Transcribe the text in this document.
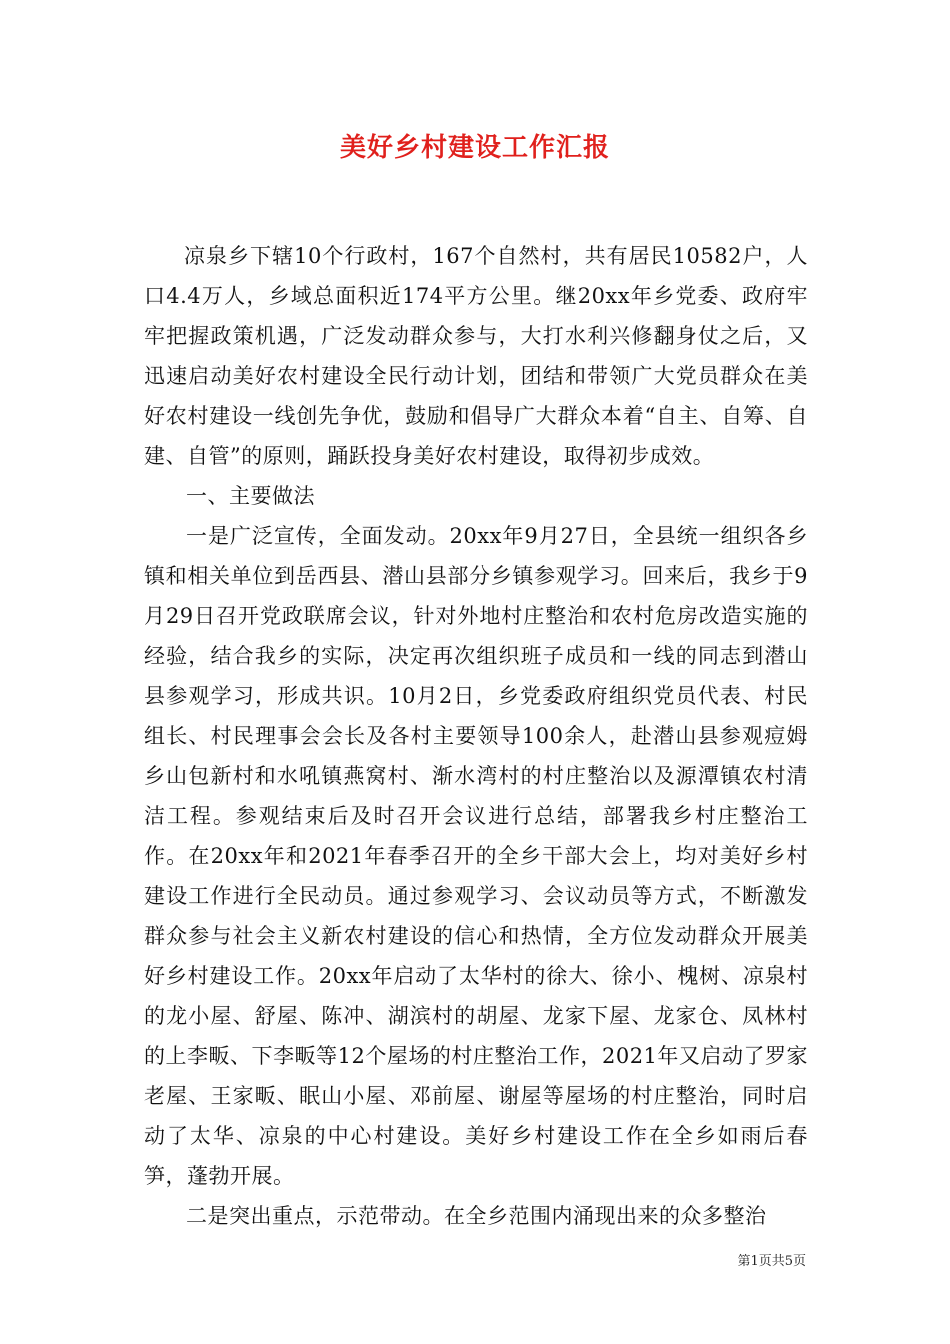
美好乡村建设工作汇报

凉泉乡下辖10个行政村，167个自然村，共有居民10582户，人口4.4万人，乡域总面积近174平方公里。继20xx年乡党委、政府牢牢把握政策机遇，广泛发动群众参与，大打水利兴修翻身仗之后，又迅速启动美好农村建设全民行动计划，团结和带领广大党员群众在美好农村建设一线创先争优，鼓励和倡导广大群众本着“自主、自筹、自建、自管”的原则，踊跃投身美好农村建设，取得初步成效。

一、主要做法

一是广泛宣传，全面发动。20xx年9月27日，全县统一组织各乡镇和相关单位到岳西县、潜山县部分乡镇参观学习。回来后，我乡于9月29日召开党政联席会议，针对外地村庄整治和农村危房改造实施的经验，结合我乡的实际，决定再次组织班子成员和一线的同志到潜山县参观学习，形成共识。10月2日，乡党委政府组织党员代表、村民组长、村民理事会会长及各村主要领导100余人，赴潜山县参观痘姆乡山包新村和水吼镇燕窝村、渐水湾村的村庄整治以及源潭镇农村清洁工程。参观结束后及时召开会议进行总结，部署我乡村庄整治工作。在20xx年和2021年春季召开的全乡干部大会上，均对美好乡村建设工作进行全民动员。通过参观学习、会议动员等方式，不断激发群众参与社会主义新农村建设的信心和热情，全方位发动群众开展美好乡村建设工作。20xx年启动了太华村的徐大、徐小、槐树、凉泉村的龙小屋、舒屋、陈冲、湖滨村的胡屋、龙家下屋、龙家仓、凤林村的上李畈、下李畈等12个屋场的村庄整治工作，2021年又启动了罗家老屋、王家畈、眠山小屋、邓前屋、谢屋等屋场的村庄整治，同时启动了太华、凉泉的中心村建设。美好乡村建设工作在全乡如雨后春笋，蓬勃开展。

二是突出重点，示范带动。在全乡范围内涌现出来的众多整治

第1页共5页
